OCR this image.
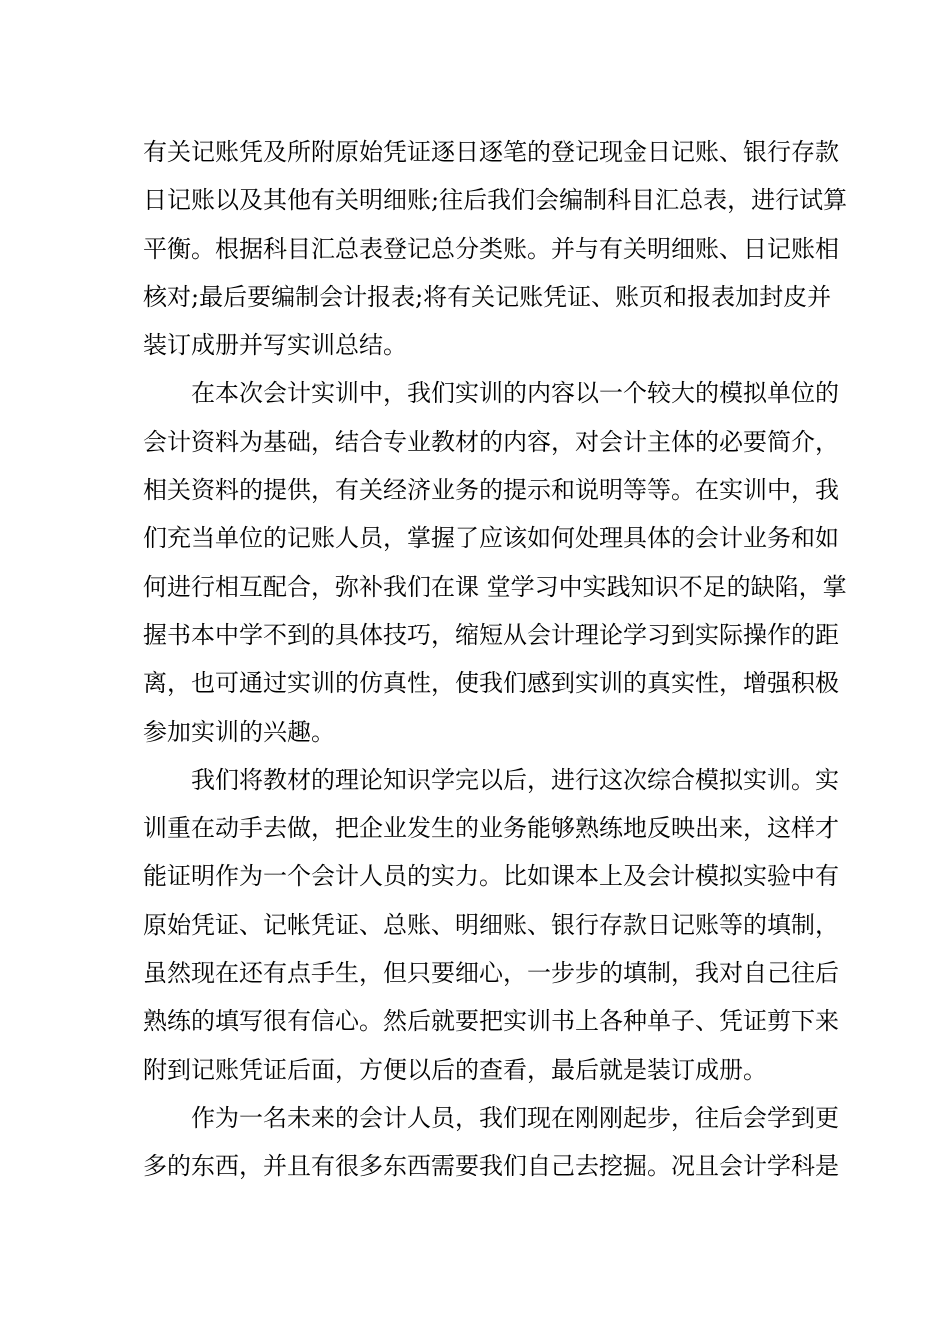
有关记账凭及所附原始凭证逐日逐笔的登记现金日记账、银行存款
日记账以及其他有关明细账;往后我们会编制科目汇总表，进行试算
平衡。根据科目汇总表登记总分类账。并与有关明细账、日记账相
核对;最后要编制会计报表;将有关记账凭证、账页和报表加封皮并
装订成册并写实训总结。
在本次会计实训中，我们实训的内容以一个较大的模拟单位的
会计资料为基础，结合专业教材的内容，对会计主体的必要简介，
相关资料的提供，有关经济业务的提示和说明等等。在实训中，我
们充当单位的记账人员，掌握了应该如何处理具体的会计业务和如
何进行相互配合，弥补我们在课 堂学习中实践知识不足的缺陷，掌
握书本中学不到的具体技巧，缩短从会计理论学习到实际操作的距
离，也可通过实训的仿真性，使我们感到实训的真实性，增强积极
参加实训的兴趣。
我们将教材的理论知识学完以后，进行这次综合模拟实训。实
训重在动手去做，把企业发生的业务能够熟练地反映出来，这样才
能证明作为一个会计人员的实力。比如课本上及会计模拟实验中有
原始凭证、记帐凭证、总账、明细账、银行存款日记账等的填制，
虽然现在还有点手生，但只要细心，一步步的填制，我对自己往后
熟练的填写很有信心。然后就要把实训书上各种单子、凭证剪下来
附到记账凭证后面，方便以后的查看，最后就是装订成册。
作为一名未来的会计人员，我们现在刚刚起步，往后会学到更
多的东西，并且有很多东西需要我们自己去挖掘。况且会计学科是
